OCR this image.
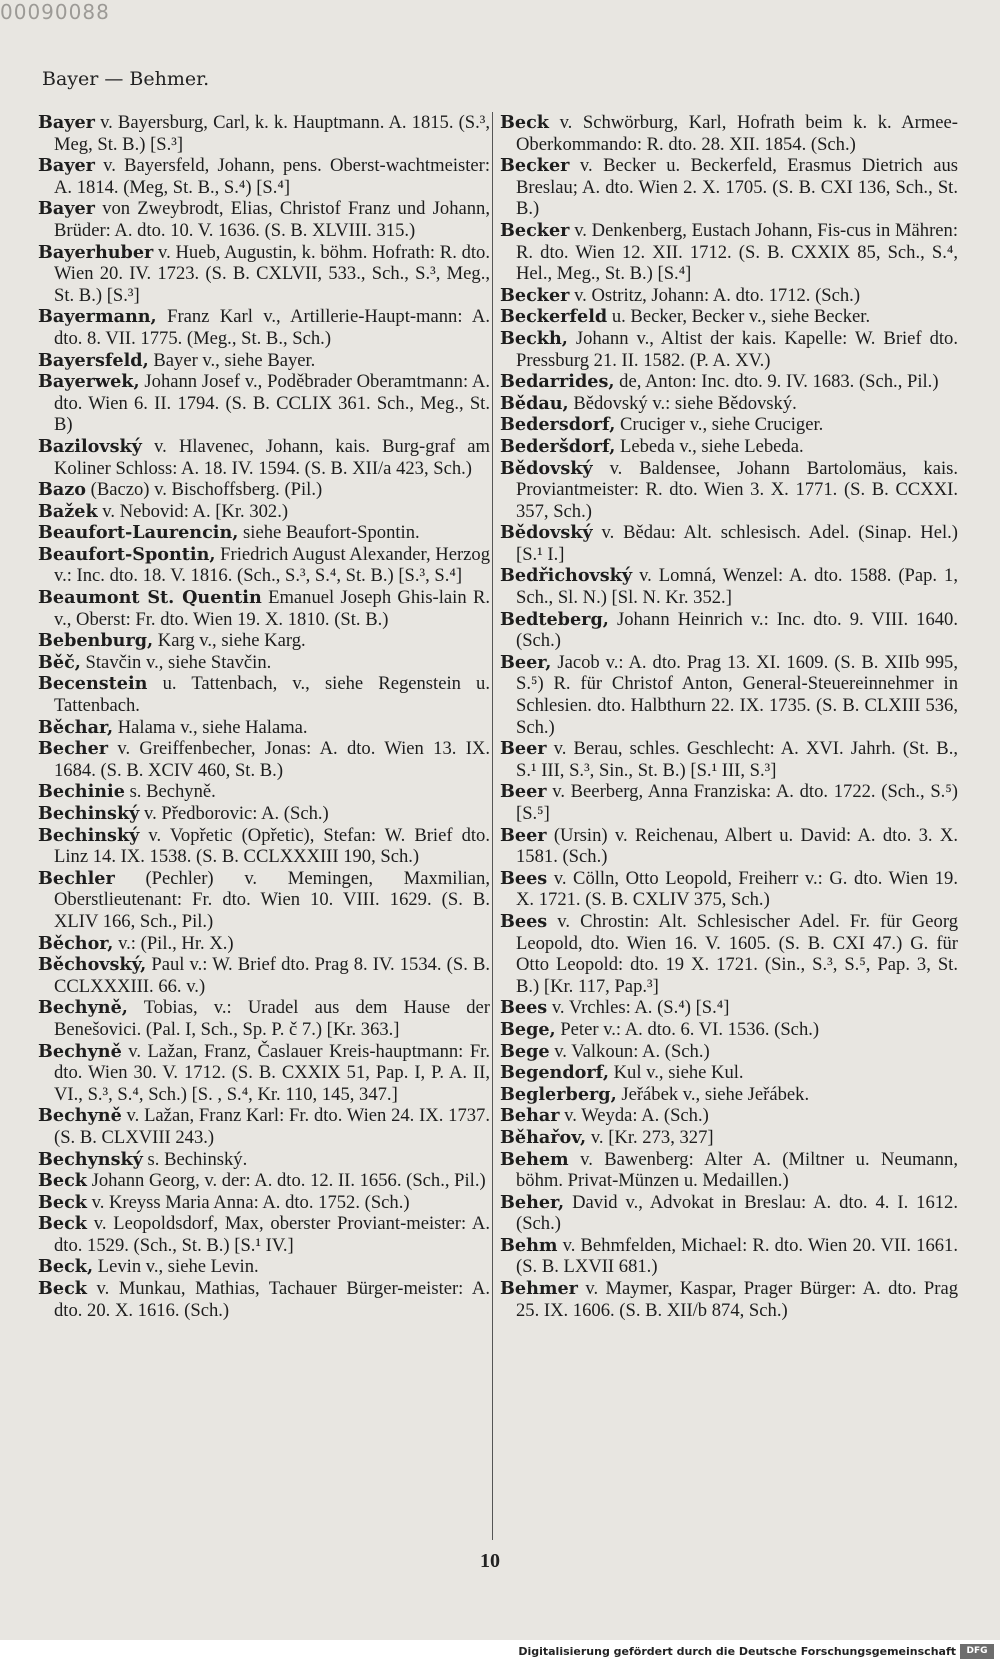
00090088
Bayer — Behmer.
Bayer v. Bayersburg, Carl, k. k. Hauptmann. A. 1815. (S.³, Meg, St. B.) [S.³]
Bayer v. Bayersfeld, Johann, pens. Oberst-wachtmeister: A. 1814. (Meg, St. B., S.⁴) [S.⁴]
Bayer von Zweybrodt, Elias, Christof Franz und Johann, Brüder: A. dto. 10. V. 1636. (S. B. XLVIII. 315.)
Bayerhuber v. Hueb, Augustin, k. böhm. Hofrath: R. dto. Wien 20. IV. 1723. (S. B. CXLVII, 533., Sch., S.³, Meg., St. B.) [S.³]
Bayermann, Franz Karl v., Artillerie-Haupt-mann: A. dto. 8. VII. 1775. (Meg., St. B., Sch.)
Bayersfeld, Bayer v., siehe Bayer.
Bayerwek, Johann Josef v., Poděbrader Oberamtmann: A. dto. Wien 6. II. 1794. (S. B. CCLIX 361. Sch., Meg., St. B)
Bazilovský v. Hlavenec, Johann, kais. Burg-graf am Koliner Schloss: A. 18. IV. 1594. (S. B. XII/a 423, Sch.)
Bazo (Baczo) v. Bischoffsberg. (Pil.)
Bažek v. Nebovid: A. [Kr. 302.)
Beaufort-Laurencin, siehe Beaufort-Spontin.
Beaufort-Spontin, Friedrich August Alexander, Herzog v.: Inc. dto. 18. V. 1816. (Sch., S.³, S.⁴, St. B.) [S.³, S.⁴]
Beaumont St. Quentin Emanuel Joseph Ghis-lain R. v., Oberst: Fr. dto. Wien 19. X. 1810. (St. B.)
Bebenburg, Karg v., siehe Karg.
Běč, Stavčin v., siehe Stavčin.
Becenstein u. Tattenbach, v., siehe Regenstein u. Tattenbach.
Běchar, Halama v., siehe Halama.
Becher v. Greiffenbecher, Jonas: A. dto. Wien 13. IX. 1684. (S. B. XCIV 460, St. B.)
Bechinie s. Bechyně.
Bechinský v. Předborovic: A. (Sch.)
Bechinský v. Vopřetic (Opřetic), Stefan: W. Brief dto. Linz 14. IX. 1538. (S. B. CCLXXXIII 190, Sch.)
Bechler (Pechler) v. Memingen, Maxmilian, Oberstlieutenant: Fr. dto. Wien 10. VIII. 1629. (S. B. XLIV 166, Sch., Pil.)
Běchor, v.: (Pil., Hr. X.)
Běchovský, Paul v.: W. Brief dto. Prag 8. IV. 1534. (S. B. CCLXXXIII. 66. v.)
Bechyně, Tobias, v.: Uradel aus dem Hause der Benešovici. (Pal. I, Sch., Sp. P. č 7.) [Kr. 363.]
Bechyně v. Lažan, Franz, Časlauer Kreis-hauptmann: Fr. dto. Wien 30. V. 1712. (S. B. CXXIX 51, Pap. I, P. A. II, VI., S.³, S.⁴, Sch.) [S. , S.⁴, Kr. 110, 145, 347.]
Bechyně v. Lažan, Franz Karl: Fr. dto. Wien 24. IX. 1737. (S. B. CLXVIII 243.)
Bechynský s. Bechinský.
Beck Johann Georg, v. der: A. dto. 12. II. 1656. (Sch., Pil.)
Beck v. Kreyss Maria Anna: A. dto. 1752. (Sch.)
Beck v. Leopoldsdorf, Max, oberster Proviant-meister: A. dto. 1529. (Sch., St. B.) [S.¹ IV.]
Beck, Levin v., siehe Levin.
Beck v. Munkau, Mathias, Tachauer Bürger-meister: A. dto. 20. X. 1616. (Sch.)
Beck v. Schwörburg, Karl, Hofrath beim k. k. Armee-Oberkommando: R. dto. 28. XII. 1854. (Sch.)
Becker v. Becker u. Beckerfeld, Erasmus Dietrich aus Breslau; A. dto. Wien 2. X. 1705. (S. B. CXI 136, Sch., St. B.)
Becker v. Denkenberg, Eustach Johann, Fis-cus in Mähren: R. dto. Wien 12. XII. 1712. (S. B. CXXIX 85, Sch., S.⁴, Hel., Meg., St. B.) [S.⁴]
Becker v. Ostritz, Johann: A. dto. 1712. (Sch.)
Beckerfeld u. Becker, Becker v., siehe Becker.
Beckh, Johann v., Altist der kais. Kapelle: W. Brief dto. Pressburg 21. II. 1582. (P. A. XV.)
Bedarrides, de, Anton: Inc. dto. 9. IV. 1683. (Sch., Pil.)
Bědau, Bědovský v.: siehe Bědovský.
Bedersdorf, Cruciger v., siehe Cruciger.
Bederšdorf, Lebeda v., siehe Lebeda.
Bědovský v. Baldensee, Johann Bartolomäus, kais. Proviantmeister: R. dto. Wien 3. X. 1771. (S. B. CCXXI. 357, Sch.)
Bědovský v. Bědau: Alt. schlesisch. Adel. (Sinap. Hel.) [S.¹ I.]
Bedřichovský v. Lomná, Wenzel: A. dto. 1588. (Pap. 1, Sch., Sl. N.) [Sl. N. Kr. 352.]
Bedteberg, Johann Heinrich v.: Inc. dto. 9. VIII. 1640. (Sch.)
Beer, Jacob v.: A. dto. Prag 13. XI. 1609. (S. B. XIIb 995, S.⁵) R. für Christof Anton, General-Steuereinnehmer in Schlesien. dto. Halbthurn 22. IX. 1735. (S. B. CLXIII 536, Sch.)
Beer v. Berau, schles. Geschlecht: A. XVI. Jahrh. (St. B., S.¹ III, S.³, Sin., St. B.) [S.¹ III, S.³]
Beer v. Beerberg, Anna Franziska: A. dto. 1722. (Sch., S.⁵) [S.⁵]
Beer (Ursin) v. Reichenau, Albert u. David: A. dto. 3. X. 1581. (Sch.)
Bees v. Cölln, Otto Leopold, Freiherr v.: G. dto. Wien 19. X. 1721. (S. B. CXLIV 375, Sch.)
Bees v. Chrostin: Alt. Schlesischer Adel. Fr. für Georg Leopold, dto. Wien 16. V. 1605. (S. B. CXI 47.) G. für Otto Leopold: dto. 19 X. 1721. (Sin., S.³, S.⁵, Pap. 3, St. B.) [Kr. 117, Pap.³]
Bees v. Vrchles: A. (S.⁴) [S.⁴]
Bege, Peter v.: A. dto. 6. VI. 1536. (Sch.)
Bege v. Valkoun: A. (Sch.)
Begendorf, Kul v., siehe Kul.
Beglerberg, Jeřábek v., siehe Jeřábek.
Behar v. Weyda: A. (Sch.)
Běhařov, v. [Kr. 273, 327]
Behem v. Bawenberg: Alter A. (Miltner u. Neumann, böhm. Privat-Münzen u. Medaillen.)
Beher, David v., Advokat in Breslau: A. dto. 4. I. 1612. (Sch.)
Behm v. Behmfelden, Michael: R. dto. Wien 20. VII. 1661. (S. B. LXVII 681.)
Behmer v. Maymer, Kaspar, Prager Bürger: A. dto. Prag 25. IX. 1606. (S. B. XII/b 874, Sch.)
10
Digitalisierung gefördert durch die Deutsche Forschungsgemeinschaft	DFG
